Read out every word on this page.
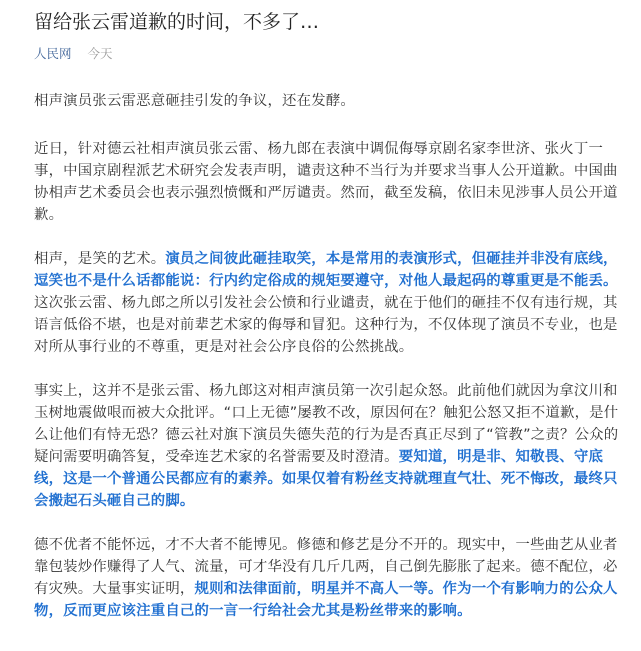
留给张云雷道歉的时间，不多了…
人民网 今天

相声演员张云雷恶意砸挂引发的争议，还在发酵。

近日，针对德云社相声演员张云雷、杨九郎在表演中调侃侮辱京剧名家李世济、张火丁一事，中国京剧程派艺术研究会发表声明，谴责这种不当行为并要求当事人公开道歉。中国曲协相声艺术委员会也表示强烈愤慨和严厉谴责。然而，截至发稿，依旧未见涉事人员公开道歉。

相声，是笑的艺术。演员之间彼此砸挂取笑，本是常用的表演形式，但砸挂并非没有底线，逗笑也不是什么话都能说：行内约定俗成的规矩要遵守，对他人最起码的尊重更是不能丢。这次张云雷、杨九郎之所以引发社会公愤和行业谴责，就在于他们的砸挂不仅有违行规，其语言低俗不堪，也是对前辈艺术家的侮辱和冒犯。这种行为，不仅体现了演员不专业，也是对所从事行业的不尊重，更是对社会公序良俗的公然挑战。

事实上，这并不是张云雷、杨九郎这对相声演员第一次引起众怒。此前他们就因为拿汶川和玉树地震做哏而被大众批评。“口上无德”屡教不改，原因何在？触犯公怒又拒不道歉，是什么让他们有恃无恐？德云社对旗下演员失德失范的行为是否真正尽到了“管教”之责？公众的疑问需要明确答复，受牵连艺术家的名誉需要及时澄清。要知道，明是非、知敬畏、守底线，这是一个普通公民都应有的素养。如果仅着有粉丝支持就理直气壮、死不悔改，最终只会搬起石头砸自己的脚。

德不优者不能怀远，才不大者不能博见。修德和修艺是分不开的。现实中，一些曲艺从业者靠包装炒作赚得了人气、流量，可才华没有几斤几两，自己倒先膨胀了起来。德不配位，必有灾殃。大量事实证明，规则和法律面前，明星并不高人一等。作为一个有影响力的公众人物，反而更应该注重自己的一言一行给社会尤其是粉丝带来的影响。
